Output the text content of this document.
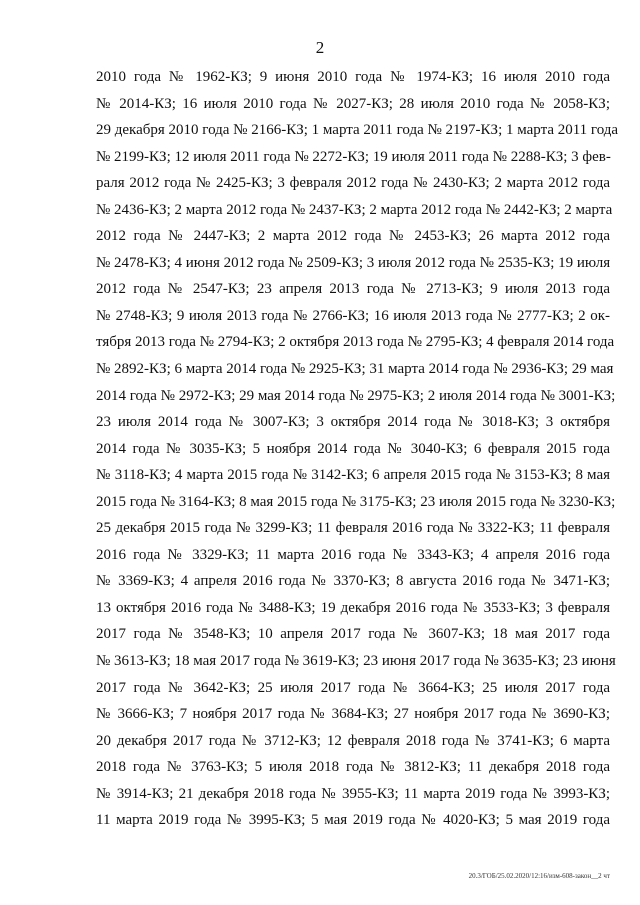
2
2010 года № 1962-КЗ; 9 июня 2010 года № 1974-КЗ; 16 июля 2010 года
№ 2014-КЗ; 16 июля 2010 года № 2027-КЗ; 28 июля 2010 года № 2058-КЗ;
29 декабря 2010 года № 2166-КЗ; 1 марта 2011 года № 2197-КЗ; 1 марта 2011 года
№ 2199-КЗ; 12 июля 2011 года № 2272-КЗ; 19 июля 2011 года № 2288-КЗ; 3 фев-
раля 2012 года № 2425-КЗ; 3 февраля 2012 года № 2430-КЗ; 2 марта 2012 года
№ 2436-КЗ; 2 марта 2012 года № 2437-КЗ; 2 марта 2012 года № 2442-КЗ; 2 марта
2012 года № 2447-КЗ; 2 марта 2012 года № 2453-КЗ; 26 марта 2012 года
№ 2478-КЗ; 4 июня 2012 года № 2509-КЗ; 3 июля 2012 года № 2535-КЗ; 19 июля
2012 года № 2547-КЗ; 23 апреля 2013 года № 2713-КЗ; 9 июля 2013 года
№ 2748-КЗ; 9 июля 2013 года № 2766-КЗ; 16 июля 2013 года № 2777-КЗ; 2 ок-
тября 2013 года № 2794-КЗ; 2 октября 2013 года № 2795-КЗ; 4 февраля 2014 года
№ 2892-КЗ; 6 марта 2014 года № 2925-КЗ; 31 марта 2014 года № 2936-КЗ; 29 мая
2014 года № 2972-КЗ; 29 мая 2014 года № 2975-КЗ; 2 июля 2014 года № 3001-КЗ;
23 июля 2014 года № 3007-КЗ; 3 октября 2014 года № 3018-КЗ; 3 октября
2014 года № 3035-КЗ; 5 ноября 2014 года № 3040-КЗ; 6 февраля 2015 года
№ 3118-КЗ; 4 марта 2015 года № 3142-КЗ; 6 апреля 2015 года № 3153-КЗ; 8 мая
2015 года № 3164-КЗ; 8 мая 2015 года № 3175-КЗ; 23 июля 2015 года № 3230-КЗ;
25 декабря 2015 года № 3299-КЗ; 11 февраля 2016 года № 3322-КЗ; 11 февраля
2016 года № 3329-КЗ; 11 марта 2016 года № 3343-КЗ; 4 апреля 2016 года
№ 3369-КЗ; 4 апреля 2016 года № 3370-КЗ; 8 августа 2016 года № 3471-КЗ;
13 октября 2016 года № 3488-КЗ; 19 декабря 2016 года № 3533-КЗ; 3 февраля
2017 года № 3548-КЗ; 10 апреля 2017 года № 3607-КЗ; 18 мая 2017 года
№ 3613-КЗ; 18 мая 2017 года № 3619-КЗ; 23 июня 2017 года № 3635-КЗ; 23 июня
2017 года № 3642-КЗ; 25 июля 2017 года № 3664-КЗ; 25 июля 2017 года
№ 3666-КЗ; 7 ноября 2017 года № 3684-КЗ; 27 ноября 2017 года № 3690-КЗ;
20 декабря 2017 года № 3712-КЗ; 12 февраля 2018 года № 3741-КЗ; 6 марта
2018 года № 3763-КЗ; 5 июля 2018 года № 3812-КЗ; 11 декабря 2018 года
№ 3914-КЗ; 21 декабря 2018 года № 3955-КЗ; 11 марта 2019 года № 3993-КЗ;
11 марта 2019 года № 3995-КЗ; 5 мая 2019 года № 4020-КЗ; 5 мая 2019 года
20.3/ГОБ/25.02.2020/12:16/изм-608-закон__2 чт
